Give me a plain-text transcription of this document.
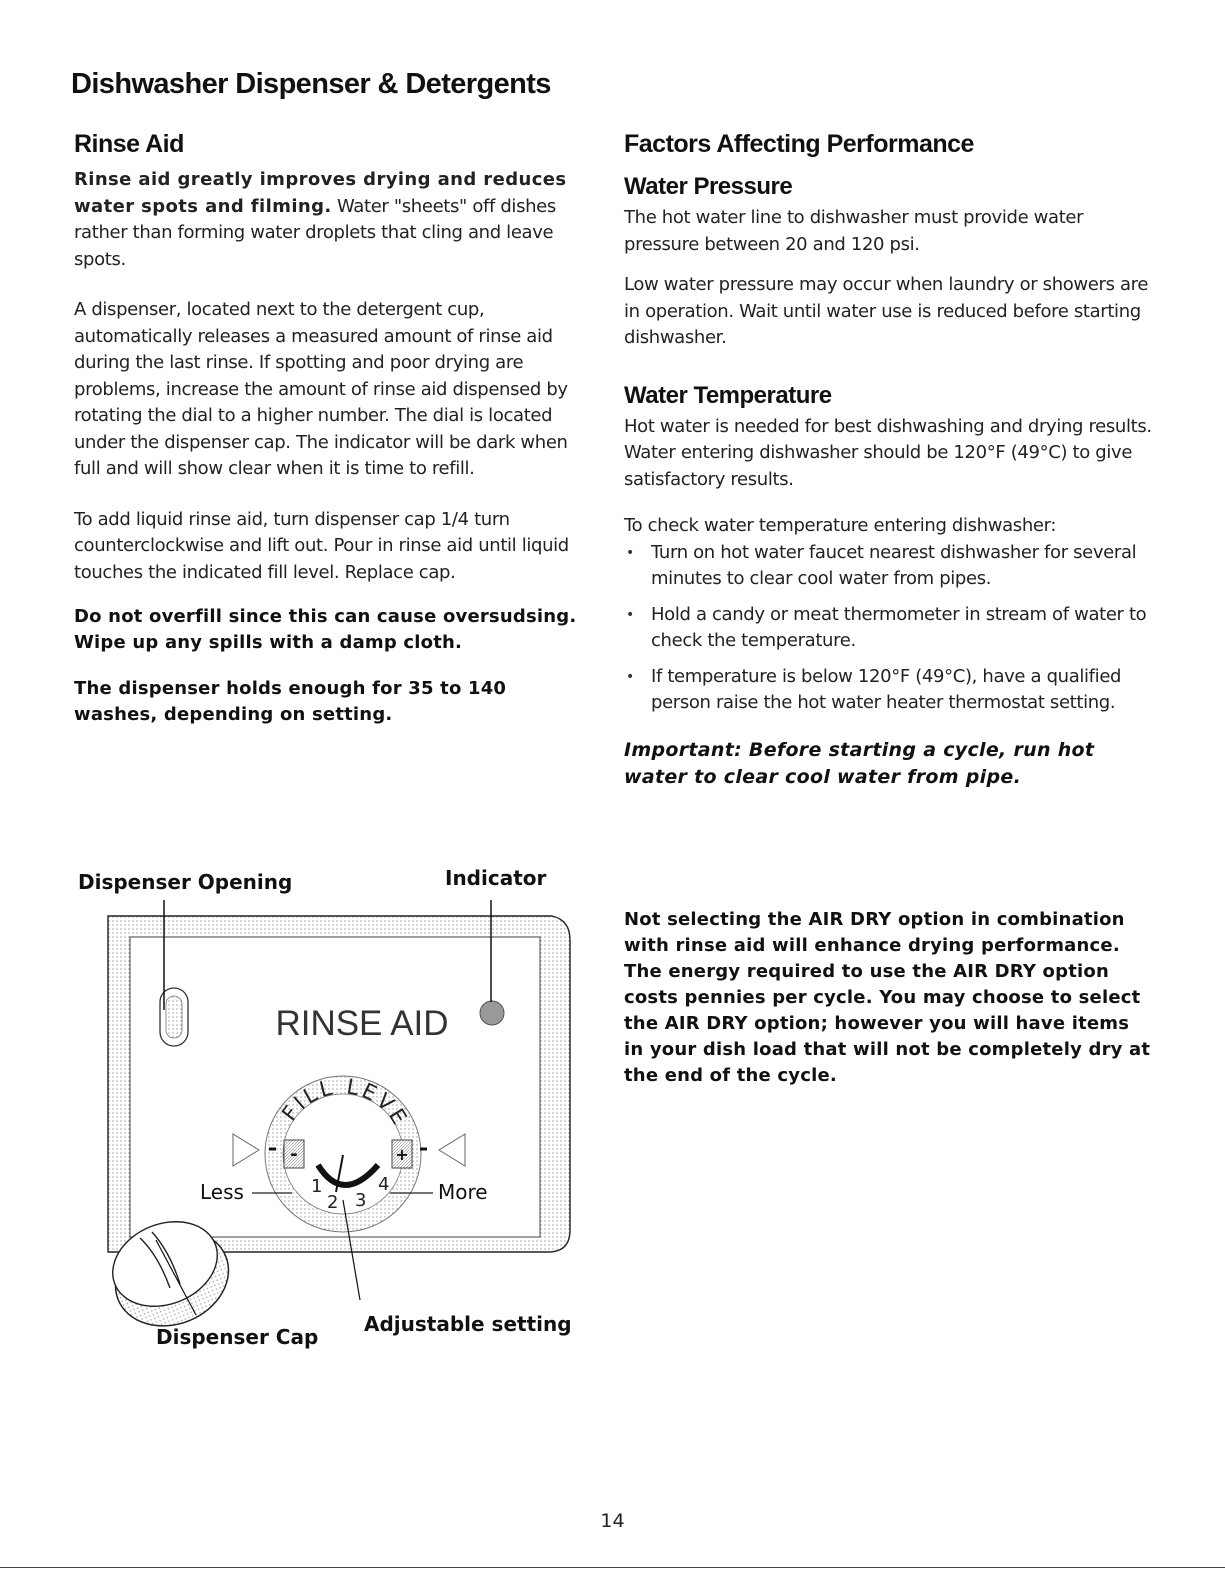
Dishwasher Dispenser & Detergents
Rinse Aid

Rinse aid greatly improves drying and reduces water spots and filming. Water "sheets" off dishes rather than forming water droplets that cling and leave spots.

A dispenser, located next to the detergent cup, automatically releases a measured amount of rinse aid during the last rinse. If spotting and poor drying are problems, increase the amount of rinse aid dispensed by rotating the dial to a higher number. The dial is located under the dispenser cap. The indicator will be dark when full and will show clear when it is time to refill.

To add liquid rinse aid, turn dispenser cap 1/4 turn counterclockwise and lift out. Pour in rinse aid until liquid touches the indicated fill level. Replace cap.

Do not overfill since this can cause oversudsing. Wipe up any spills with a damp cloth.

The dispenser holds enough for 35 to 140 washes, depending on setting.

Factors Affecting Performance
Water Pressure

The hot water line to dishwasher must provide water pressure between 20 and 120 psi.

Low water pressure may occur when laundry or showers are in operation. Wait until water use is reduced before starting dishwasher.

Water Temperature

Hot water is needed for best dishwashing and drying results. Water entering dishwasher should be 120°F (49°C) to give satisfactory results.

To check water temperature entering dishwasher:

• Turn on hot water faucet nearest dishwasher for several minutes to clear cool water from pipes.
• Hold a candy or meat thermometer in stream of water to check the temperature.
• If temperature is below 120°F (49°C), have a qualified person raise the hot water heater thermostat setting.

Important: Before starting a cycle, run hot water to clear cool water from pipe.

Not selecting the AIR DRY option in combination with rinse aid will enhance drying performance. The energy required to use the AIR DRY option costs pennies per cycle. You may choose to select the AIR DRY option; however you will have items in your dish load that will not be completely dry at the end of the cycle.

RINSE AID
FILL LEVE
-	+
1
2 3
4
Dispenser Opening	Indicator
Less	More
Dispenser Cap
Adjustable setting
14
